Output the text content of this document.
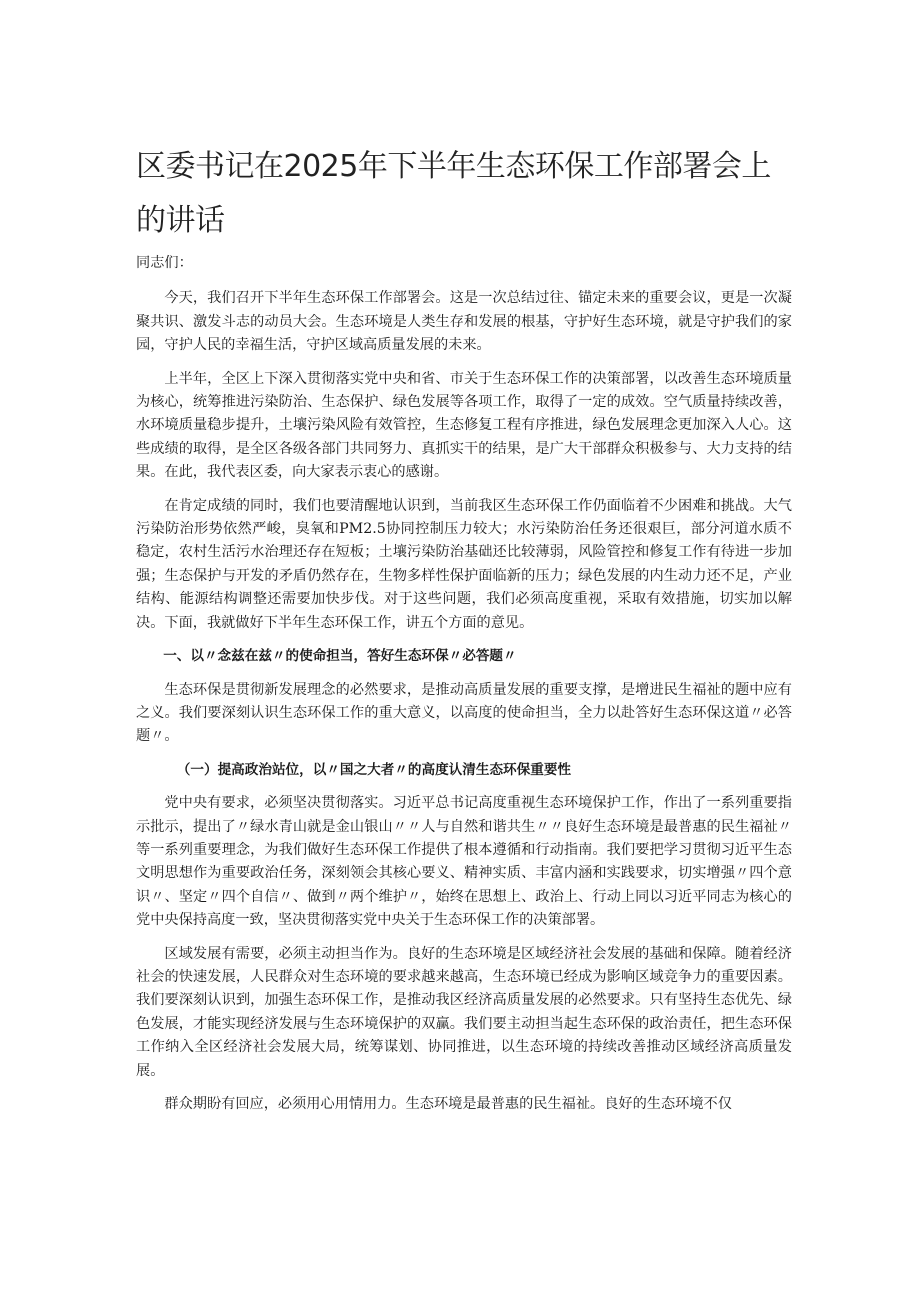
区委书记在2025年下半年生态环保工作部署会上的讲话

同志们：

今天，我们召开下半年生态环保工作部署会。这是一次总结过往、锚定未来的重要会议，更是一次凝聚共识、激发斗志的动员大会。生态环境是人类生存和发展的根基，守护好生态环境，就是守护我们的家园，守护人民的幸福生活，守护区域高质量发展的未来。

上半年，全区上下深入贯彻落实党中央和省、市关于生态环保工作的决策部署，以改善生态环境质量为核心，统筹推进污染防治、生态保护、绿色发展等各项工作，取得了一定的成效。空气质量持续改善，水环境质量稳步提升，土壤污染风险有效管控，生态修复工程有序推进，绿色发展理念更加深入人心。这些成绩的取得，是全区各级各部门共同努力、真抓实干的结果，是广大干部群众积极参与、大力支持的结果。在此，我代表区委，向大家表示衷心的感谢。

在肯定成绩的同时，我们也要清醒地认识到，当前我区生态环保工作仍面临着不少困难和挑战。大气污染防治形势依然严峻，臭氧和PM2.5协同控制压力较大；水污染防治任务还很艰巨，部分河道水质不稳定，农村生活污水治理还存在短板；土壤污染防治基础还比较薄弱，风险管控和修复工作有待进一步加强；生态保护与开发的矛盾仍然存在，生物多样性保护面临新的压力；绿色发展的内生动力还不足，产业结构、能源结构调整还需要加快步伐。对于这些问题，我们必须高度重视，采取有效措施，切实加以解决。下面，我就做好下半年生态环保工作，讲五个方面的意见。

一、以〃念兹在兹〃的使命担当，答好生态环保〃必答题〃

生态环保是贯彻新发展理念的必然要求，是推动高质量发展的重要支撑，是增进民生福祉的题中应有之义。我们要深刻认识生态环保工作的重大意义，以高度的使命担当，全力以赴答好生态环保这道〃必答题〃。

（一）提高政治站位，以〃国之大者〃的高度认清生态环保重要性

党中央有要求，必须坚决贯彻落实。习近平总书记高度重视生态环境保护工作，作出了一系列重要指示批示，提出了〃绿水青山就是金山银山〃〃人与自然和谐共生〃〃良好生态环境是最普惠的民生福祉〃等一系列重要理念，为我们做好生态环保工作提供了根本遵循和行动指南。我们要把学习贯彻习近平生态文明思想作为重要政治任务，深刻领会其核心要义、精神实质、丰富内涵和实践要求，切实增强〃四个意识〃、坚定〃四个自信〃、做到〃两个维护〃，始终在思想上、政治上、行动上同以习近平同志为核心的党中央保持高度一致，坚决贯彻落实党中央关于生态环保工作的决策部署。

区域发展有需要，必须主动担当作为。良好的生态环境是区域经济社会发展的基础和保障。随着经济社会的快速发展，人民群众对生态环境的要求越来越高，生态环境已经成为影响区域竞争力的重要因素。我们要深刻认识到，加强生态环保工作，是推动我区经济高质量发展的必然要求。只有坚持生态优先、绿色发展，才能实现经济发展与生态环境保护的双赢。我们要主动担当起生态环保的政治责任，把生态环保工作纳入全区经济社会发展大局，统筹谋划、协同推进，以生态环境的持续改善推动区域经济高质量发展。

群众期盼有回应，必须用心用情用力。生态环境是最普惠的民生福祉。良好的生态环境不仅
